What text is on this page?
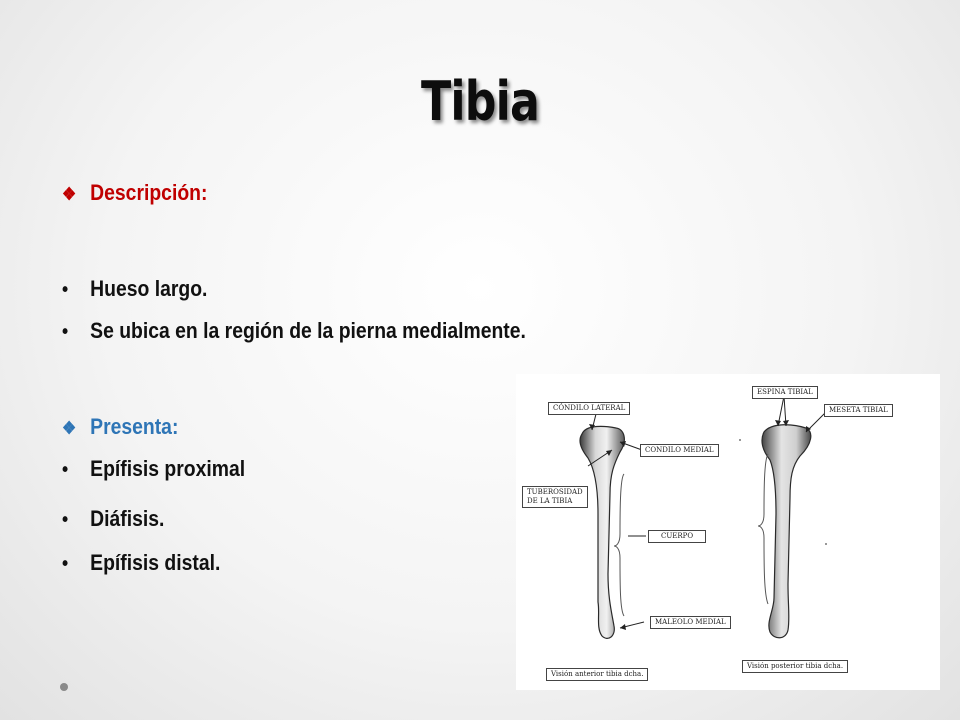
Tibia
❖ Descripción:
• Hueso largo.
• Se ubica en la región de la pierna medialmente.
❖ Presenta:
• Epífisis proximal
• Diáfisis.
• Epífisis distal.
CÓNDILO LATERAL
CONDILO MEDIAL
TUBEROSIDAD
DE LA TIBIA
CUERPO
MALEOLO MEDIAL
ESPINA TIBIAL
MESETA TIBIAL
Visión anterior tibia dcha.
Visión posterior tibia dcha.
